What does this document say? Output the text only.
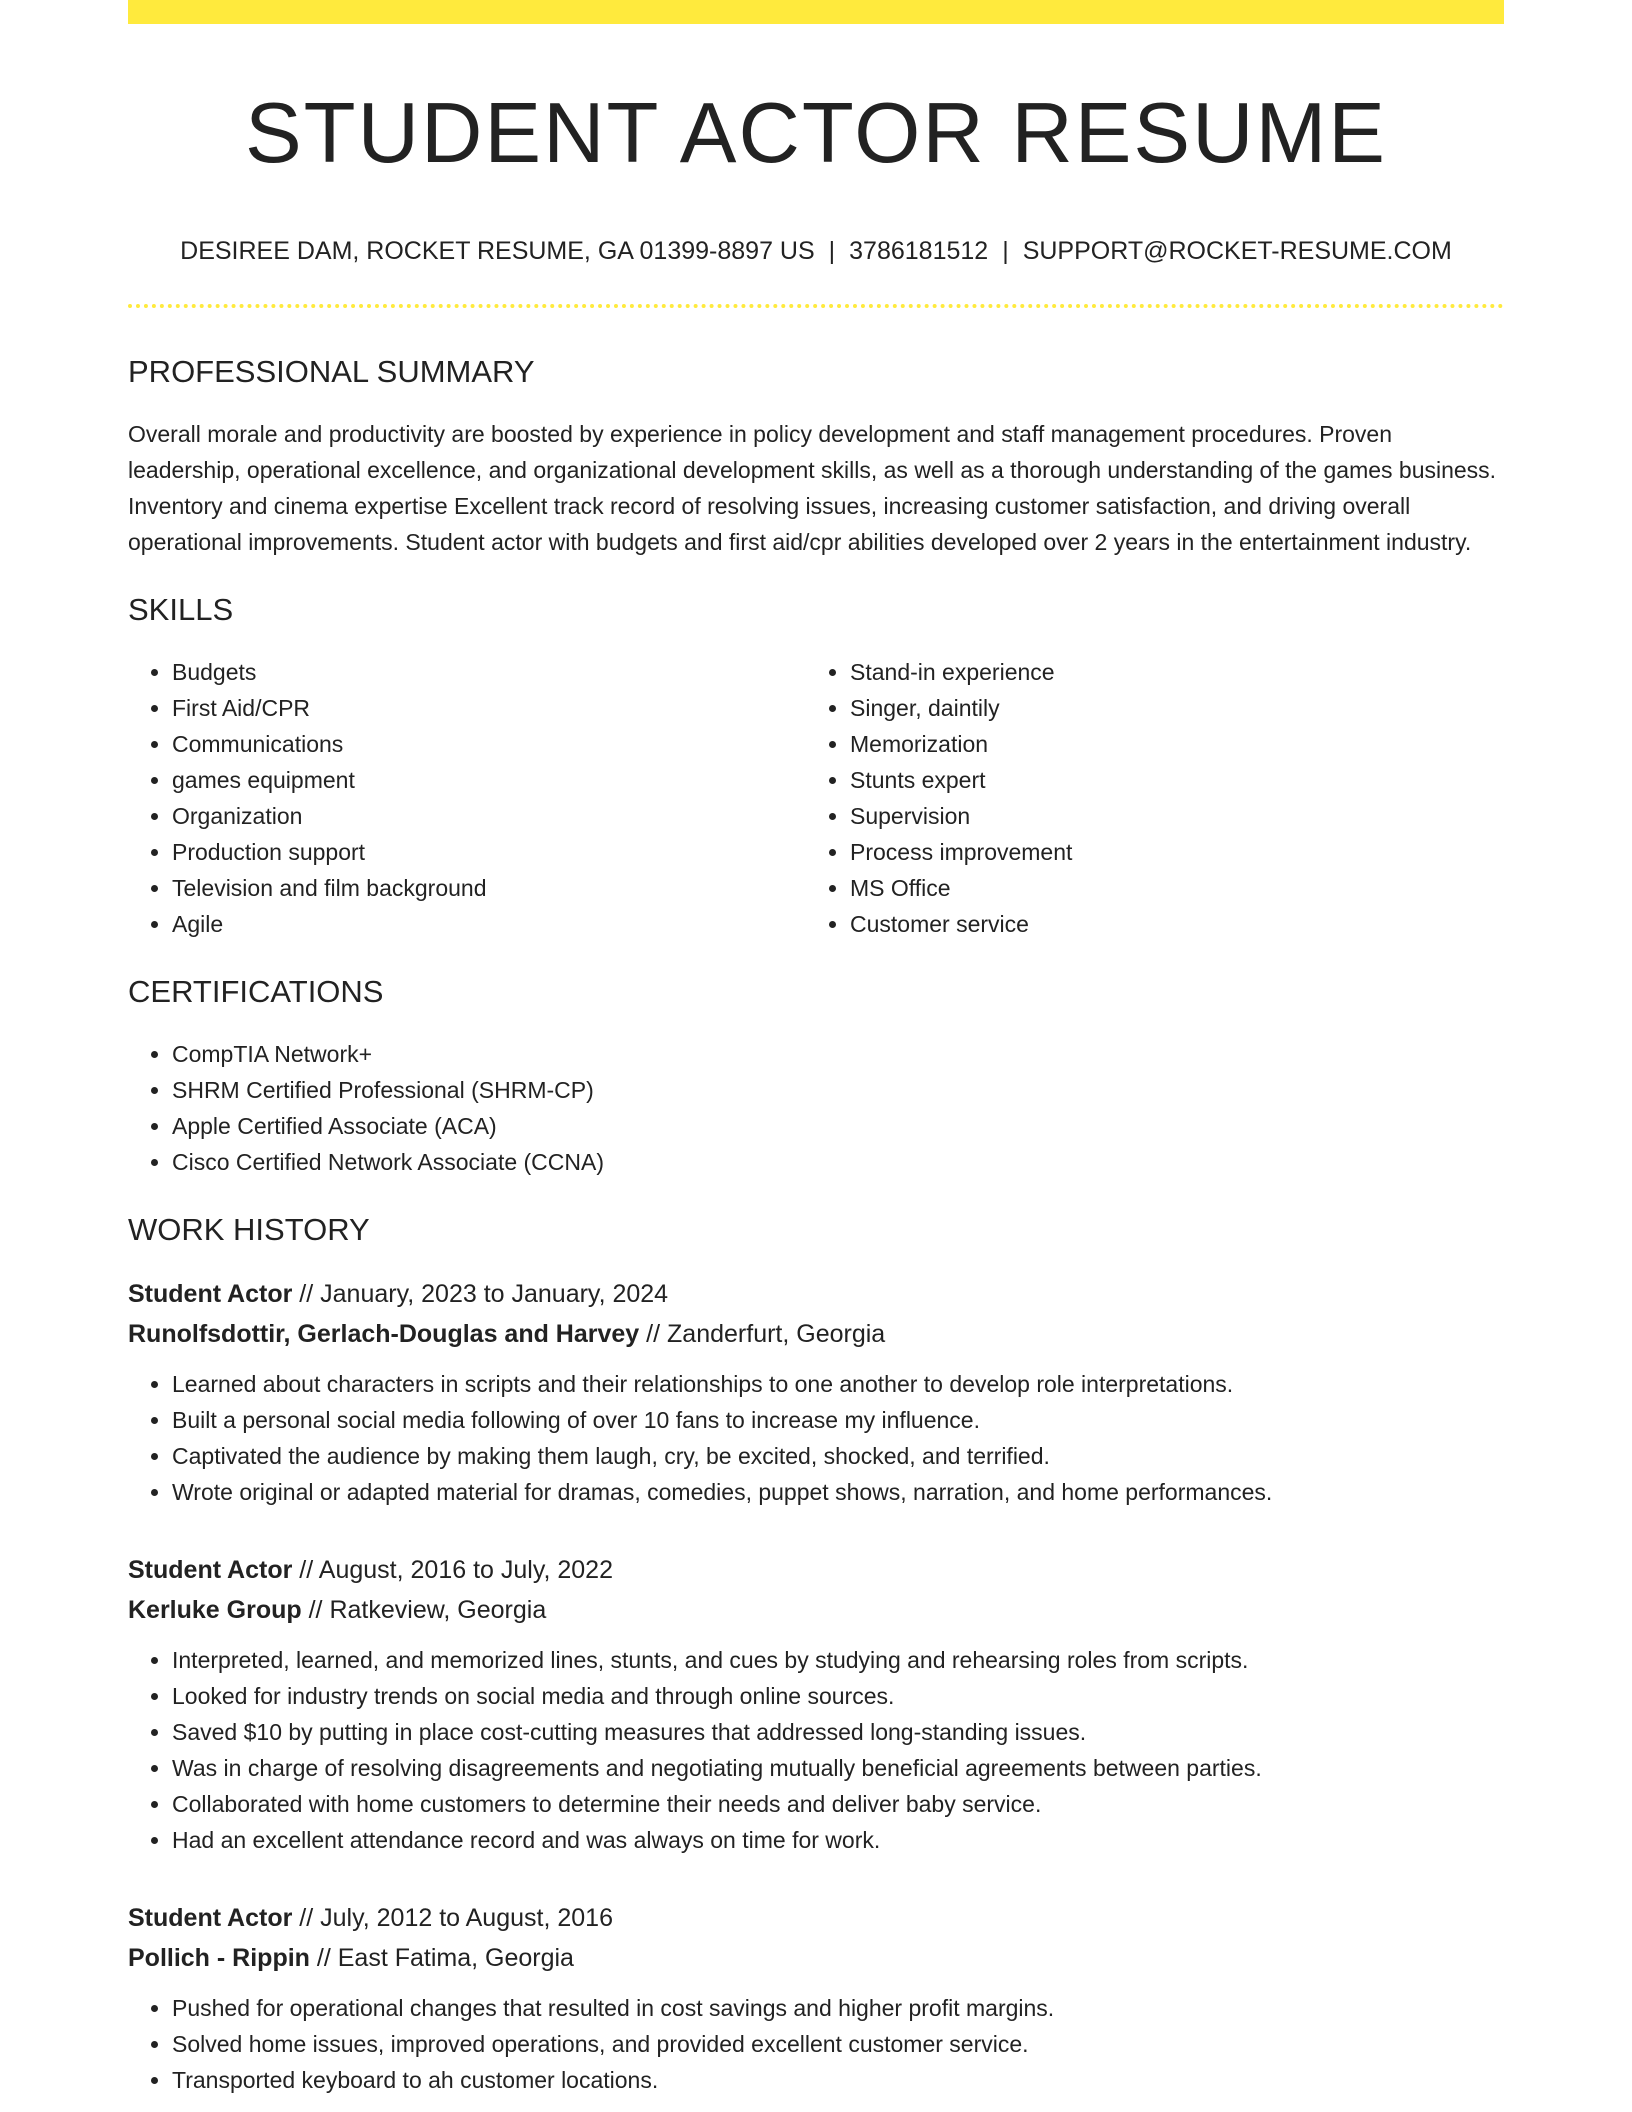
STUDENT ACTOR RESUME
DESIREE DAM, ROCKET RESUME, GA 01399-8897 US | 3786181512 | SUPPORT@ROCKET-RESUME.COM
PROFESSIONAL SUMMARY
Overall morale and productivity are boosted by experience in policy development and staff management procedures. Proven leadership, operational excellence, and organizational development skills, as well as a thorough understanding of the games business. Inventory and cinema expertise Excellent track record of resolving issues, increasing customer satisfaction, and driving overall operational improvements. Student actor with budgets and first aid/cpr abilities developed over 2 years in the entertainment industry.
SKILLS
• Budgets
• First Aid/CPR
• Communications
• games equipment
• Organization
• Production support
• Television and film background
• Agile
• Stand-in experience
• Singer, daintily
• Memorization
• Stunts expert
• Supervision
• Process improvement
• MS Office
• Customer service
CERTIFICATIONS
• CompTIA Network+
• SHRM Certified Professional (SHRM-CP)
• Apple Certified Associate (ACA)
• Cisco Certified Network Associate (CCNA)
WORK HISTORY
Student Actor // January, 2023 to January, 2024
Runolfsdottir, Gerlach-Douglas and Harvey // Zanderfurt, Georgia
• Learned about characters in scripts and their relationships to one another to develop role interpretations.
• Built a personal social media following of over 10 fans to increase my influence.
• Captivated the audience by making them laugh, cry, be excited, shocked, and terrified.
• Wrote original or adapted material for dramas, comedies, puppet shows, narration, and home performances.
Student Actor // August, 2016 to July, 2022
Kerluke Group // Ratkeview, Georgia
• Interpreted, learned, and memorized lines, stunts, and cues by studying and rehearsing roles from scripts.
• Looked for industry trends on social media and through online sources.
• Saved $10 by putting in place cost-cutting measures that addressed long-standing issues.
• Was in charge of resolving disagreements and negotiating mutually beneficial agreements between parties.
• Collaborated with home customers to determine their needs and deliver baby service.
• Had an excellent attendance record and was always on time for work.
Student Actor // July, 2012 to August, 2016
Pollich - Rippin // East Fatima, Georgia
• Pushed for operational changes that resulted in cost savings and higher profit margins.
• Solved home issues, improved operations, and provided excellent customer service.
• Transported keyboard to ah customer locations.
